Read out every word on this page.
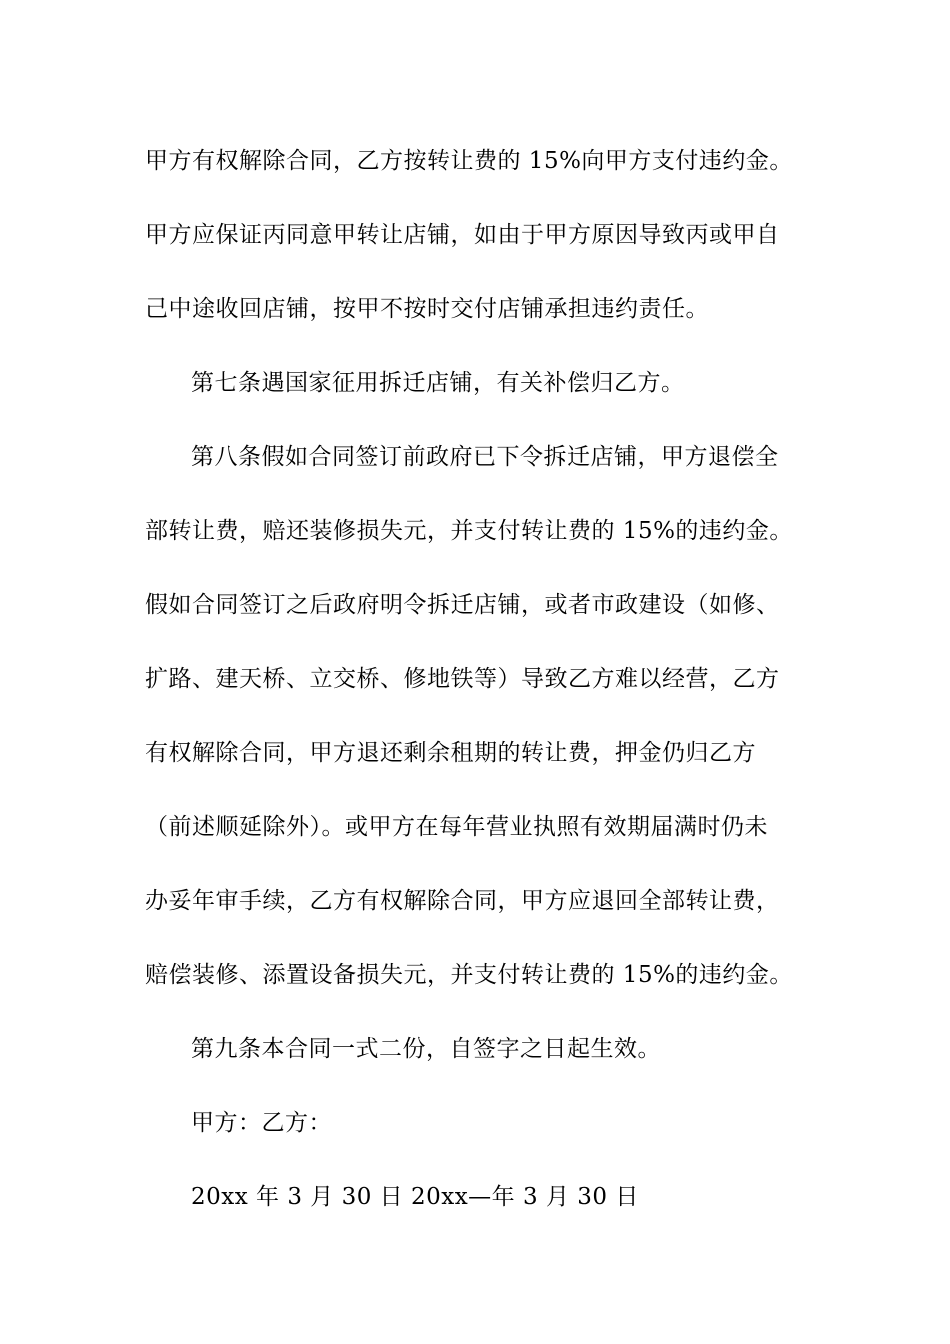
甲方有权解除合同，乙方按转让费的 15%向甲方支付违约金。
甲方应保证丙同意甲转让店铺，如由于甲方原因导致丙或甲自
己中途收回店铺，按甲不按时交付店铺承担违约责任。
第七条遇国家征用拆迁店铺，有关补偿归乙方。
第八条假如合同签订前政府已下令拆迁店铺，甲方退偿全
部转让费，赔还装修损失元，并支付转让费的 15%的违约金。
假如合同签订之后政府明令拆迁店铺，或者市政建设（如修、
扩路、建天桥、立交桥、修地铁等）导致乙方难以经营，乙方
有权解除合同，甲方退还剩余租期的转让费，押金仍归乙方
（前述顺延除外）。或甲方在每年营业执照有效期届满时仍未
办妥年审手续，乙方有权解除合同，甲方应退回全部转让费，
赔偿装修、添置设备损失元，并支付转让费的 15%的违约金。
第九条本合同一式二份，自签字之日起生效。
甲方：乙方：
20xx 年 3 月 30 日 20xx—年 3 月 30 日
